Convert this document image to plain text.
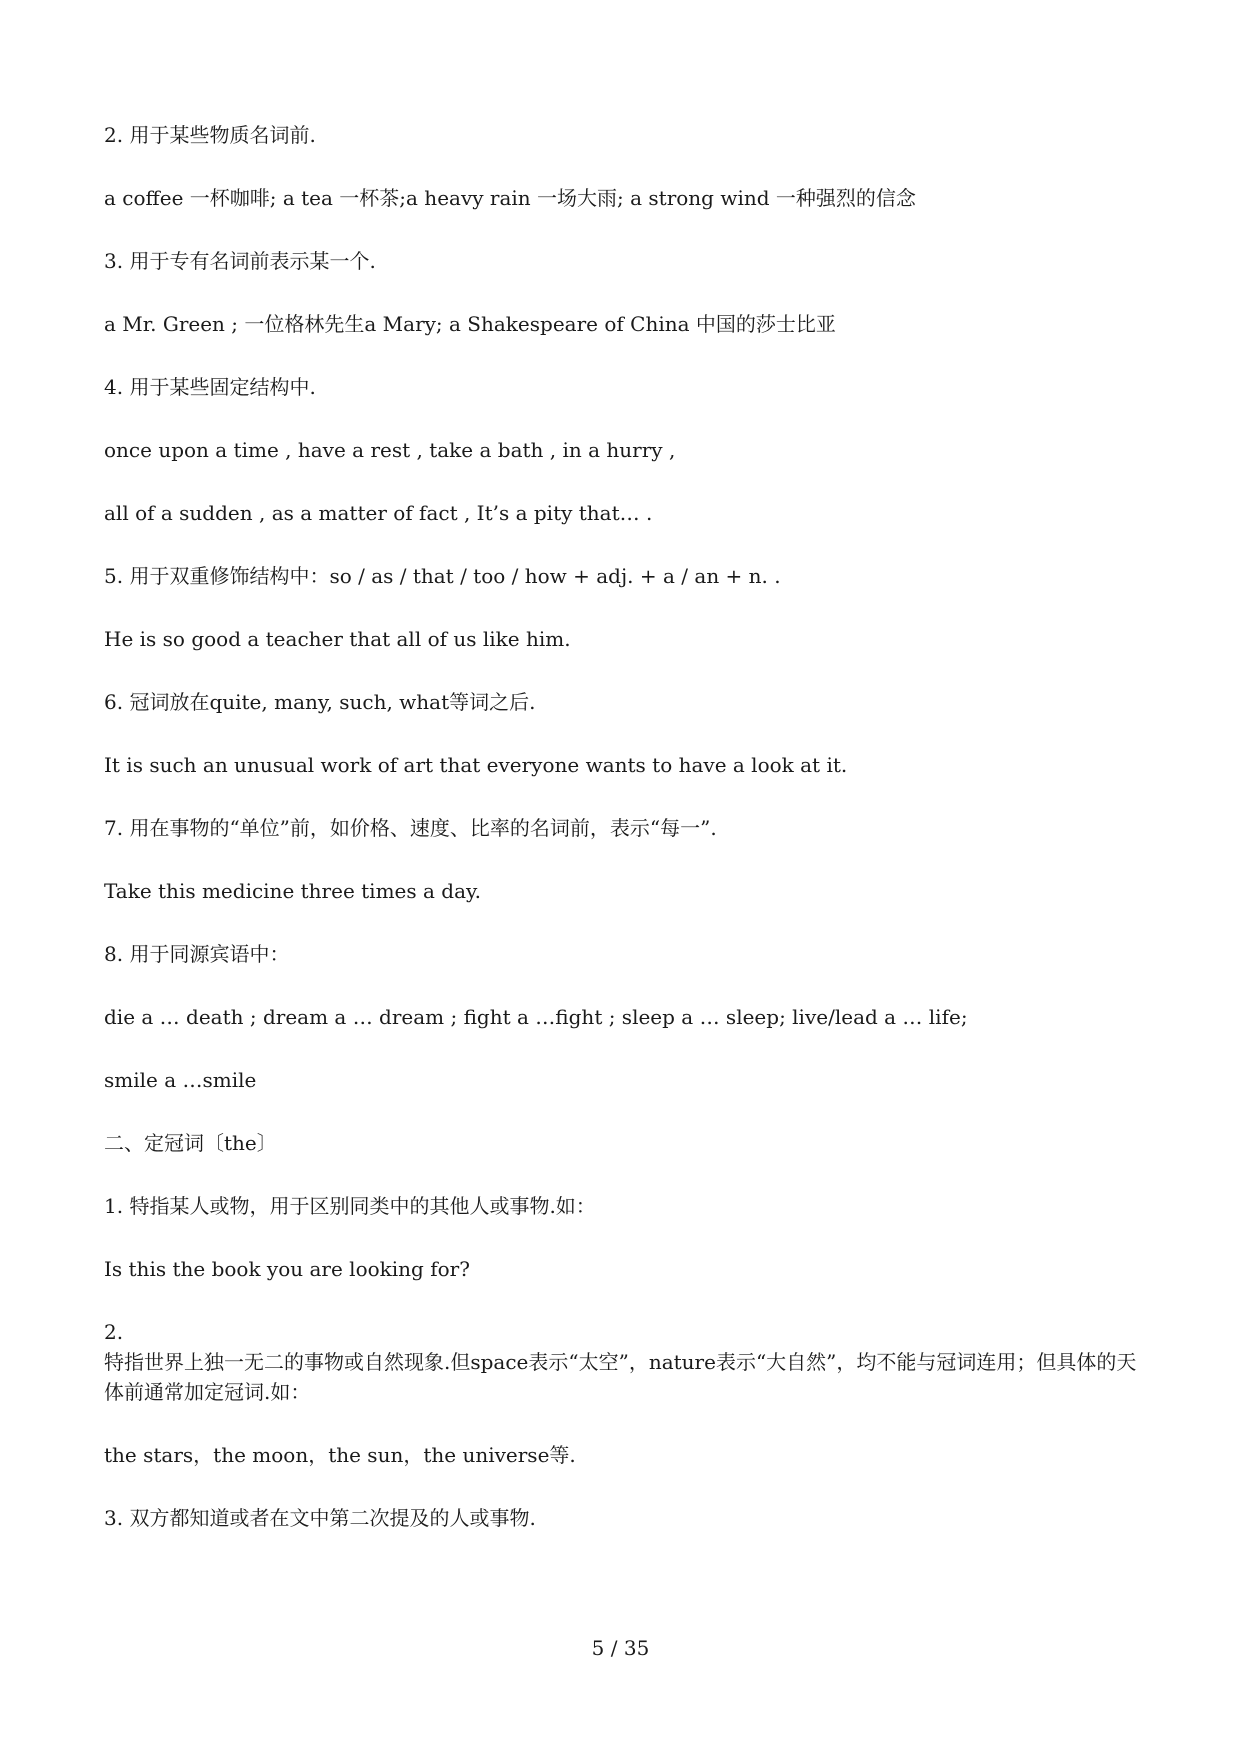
2. 用于某些物质名词前.
a coffee 一杯咖啡; a tea 一杯茶;a heavy rain 一场大雨; a strong wind 一种强烈的信念
3. 用于专有名词前表示某一个.
a Mr. Green ; 一位格林先生a Mary; a Shakespeare of China 中国的莎士比亚
4. 用于某些固定结构中.
once upon a time , have a rest , take a bath , in a hurry ,
all of a sudden , as a matter of fact , It’s a pity that… .
5. 用于双重修饰结构中：so / as / that / too / how + adj. + a / an + n. .
He is so good a teacher that all of us like him.
6. 冠词放在quite, many, such, what等词之后.
It is such an unusual work of art that everyone wants to have a look at it.
7. 用在事物的“单位”前，如价格、速度、比率的名词前，表示“每一”.
Take this medicine three times a day.
8. 用于同源宾语中：
die a … death ; dream a … dream ; fight a …fight ; sleep a … sleep; live/lead a … life;
smile a …smile
二、定冠词〔the〕
1. 特指某人或物，用于区别同类中的其他人或事物.如：
Is this the book you are looking for?
2.
特指世界上独一无二的事物或自然现象.但space表示“太空”，nature表示“大自然”，均不能与冠词连用；但具体的天体前通常加定冠词.如：
the stars，the moon，the sun，the universe等.
3. 双方都知道或者在文中第二次提及的人或事物.
5 / 35
